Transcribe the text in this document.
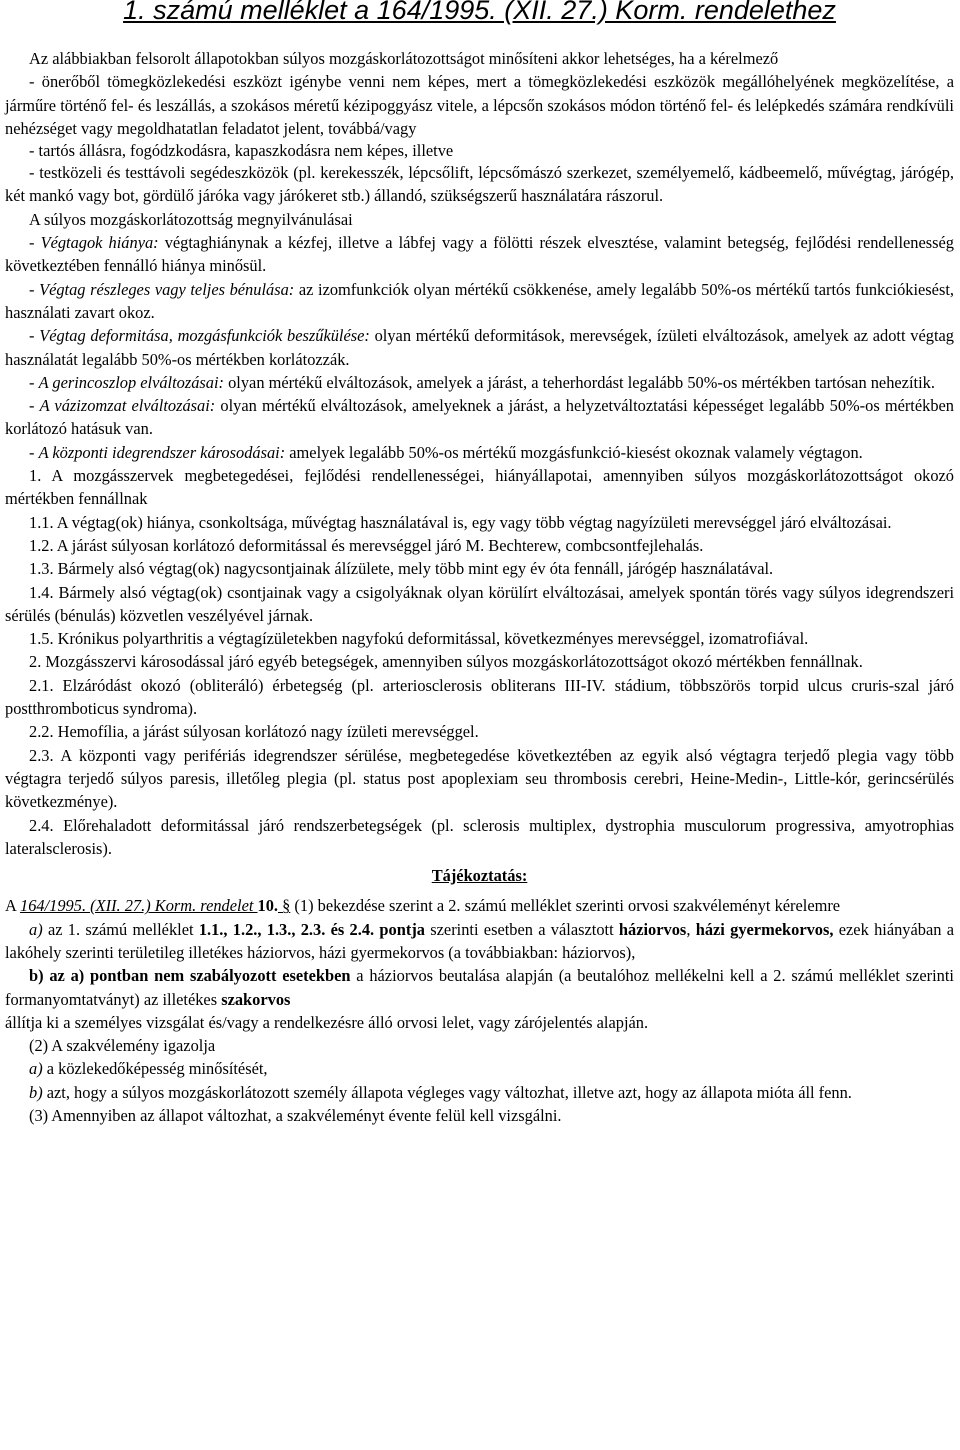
1. számú melléklet a 164/1995. (XII. 27.) Korm. rendelethez

Az alábbiakban felsorolt állapotokban súlyos mozgáskorlátozottságot minősíteni akkor lehetséges, ha a kérelmező

- önerőből tömegközlekedési eszközt igénybe venni nem képes, mert a tömegközlekedési eszközök megállóhelyének megközelítése, a járműre történő fel- és leszállás, a szokásos méretű kézipoggyász vitele, a lépcsőn szokásos módon történő fel- és lelépkedés számára rendkívüli nehézséget vagy megoldhatatlan feladatot jelent, továbbá/vagy

- tartós állásra, fogódzkodásra, kapaszkodásra nem képes, illetve

- testközeli és testtávoli segédeszközök (pl. kerekesszék, lépcsőlift, lépcsőmászó szerkezet, személyemelő, kádbeemelő, művégtag, járógép, két mankó vagy bot, gördülő járóka vagy járókeret stb.) állandó, szükségszerű használatára rászorul.

A súlyos mozgáskorlátozottság megnyilvánulásai

- Végtagok hiánya: végtaghiánynak a kézfej, illetve a lábfej vagy a fölötti részek elvesztése, valamint betegség, fejlődési rendellenesség következtében fennálló hiánya minősül.

- Végtag részleges vagy teljes bénulása: az izomfunkciók olyan mértékű csökkenése, amely legalább 50%-os mértékű tartós funkciókiesést, használati zavart okoz.

- Végtag deformitása, mozgásfunkciók beszűkülése: olyan mértékű deformitások, merevségek, ízületi elváltozások, amelyek az adott végtag használatát legalább 50%-os mértékben korlátozzák.

- A gerincoszlop elváltozásai: olyan mértékű elváltozások, amelyek a járást, a teherhordást legalább 50%-os mértékben tartósan nehezítik.

- A vázizomzat elváltozásai: olyan mértékű elváltozások, amelyeknek a járást, a helyzetváltoztatási képességet legalább 50%-os mértékben korlátozó hatásuk van.

- A központi idegrendszer károsodásai: amelyek legalább 50%-os mértékű mozgásfunkció-kiesést okoznak valamely végtagon.

1. A mozgásszervek megbetegedései, fejlődési rendellenességei, hiányállapotai, amennyiben súlyos mozgáskorlátozottságot okozó mértékben fennállnak

1.1. A végtag(ok) hiánya, csonkoltsága, művégtag használatával is, egy vagy több végtag nagyízületi merevséggel járó elváltozásai.

1.2. A járást súlyosan korlátozó deformitással és merevséggel járó M. Bechterew, combcsontfejlehalás.

1.3. Bármely alsó végtag(ok) nagycsontjainak álízülete, mely több mint egy év óta fennáll, járógép használatával.

1.4. Bármely alsó végtag(ok) csontjainak vagy a csigolyáknak olyan körülírt elváltozásai, amelyek spontán törés vagy súlyos idegrendszeri sérülés (bénulás) közvetlen veszélyével járnak.

1.5. Krónikus polyarthritis a végtagízületekben nagyfokú deformitással, következményes merevséggel, izomatrofiával.

2. Mozgásszervi károsodással járó egyéb betegségek, amennyiben súlyos mozgáskorlátozottságot okozó mértékben fennállnak.

2.1. Elzáródást okozó (obliteráló) érbetegség (pl. arteriosclerosis obliterans III-IV. stádium, többszörös torpid ulcus cruris-szal járó postthromboticus syndroma).

2.2. Hemofília, a járást súlyosan korlátozó nagy ízületi merevséggel.

2.3. A központi vagy perifériás idegrendszer sérülése, megbetegedése következtében az egyik alsó végtagra terjedő plegia vagy több végtagra terjedő súlyos paresis, illetőleg plegia (pl. status post apoplexiam seu thrombosis cerebri, Heine-Medin-, Little-kór, gerincsérülés következménye).

2.4. Előrehaladott deformitással járó rendszerbetegségek (pl. sclerosis multiplex, dystrophia musculorum progressiva, amyotrophias lateralsclerosis).

Tájékoztatás:

A 164/1995. (XII. 27.) Korm. rendelet 10. § (1) bekezdése szerint a 2. számú melléklet szerinti orvosi szakvéleményt kérelemre

a) az 1. számú melléklet 1.1., 1.2., 1.3., 2.3. és 2.4. pontja szerinti esetben a választott háziorvos, házi gyermekorvos, ezek hiányában a lakóhely szerinti területileg illetékes háziorvos, házi gyermekorvos (a továbbiakban: háziorvos),

b) az a) pontban nem szabályozott esetekben a háziorvos beutalása alapján (a beutalóhoz mellékelni kell a 2. számú melléklet szerinti formanyomtatványt) az illetékes szakorvos

állítja ki a személyes vizsgálat és/vagy a rendelkezésre álló orvosi lelet, vagy zárójelentés alapján.

(2) A szakvélemény igazolja

a) a közlekedőképesség minősítését,

b) azt, hogy a súlyos mozgáskorlátozott személy állapota végleges vagy változhat, illetve azt, hogy az állapota mióta áll fenn.

(3) Amennyiben az állapot változhat, a szakvéleményt évente felül kell vizsgálni.
